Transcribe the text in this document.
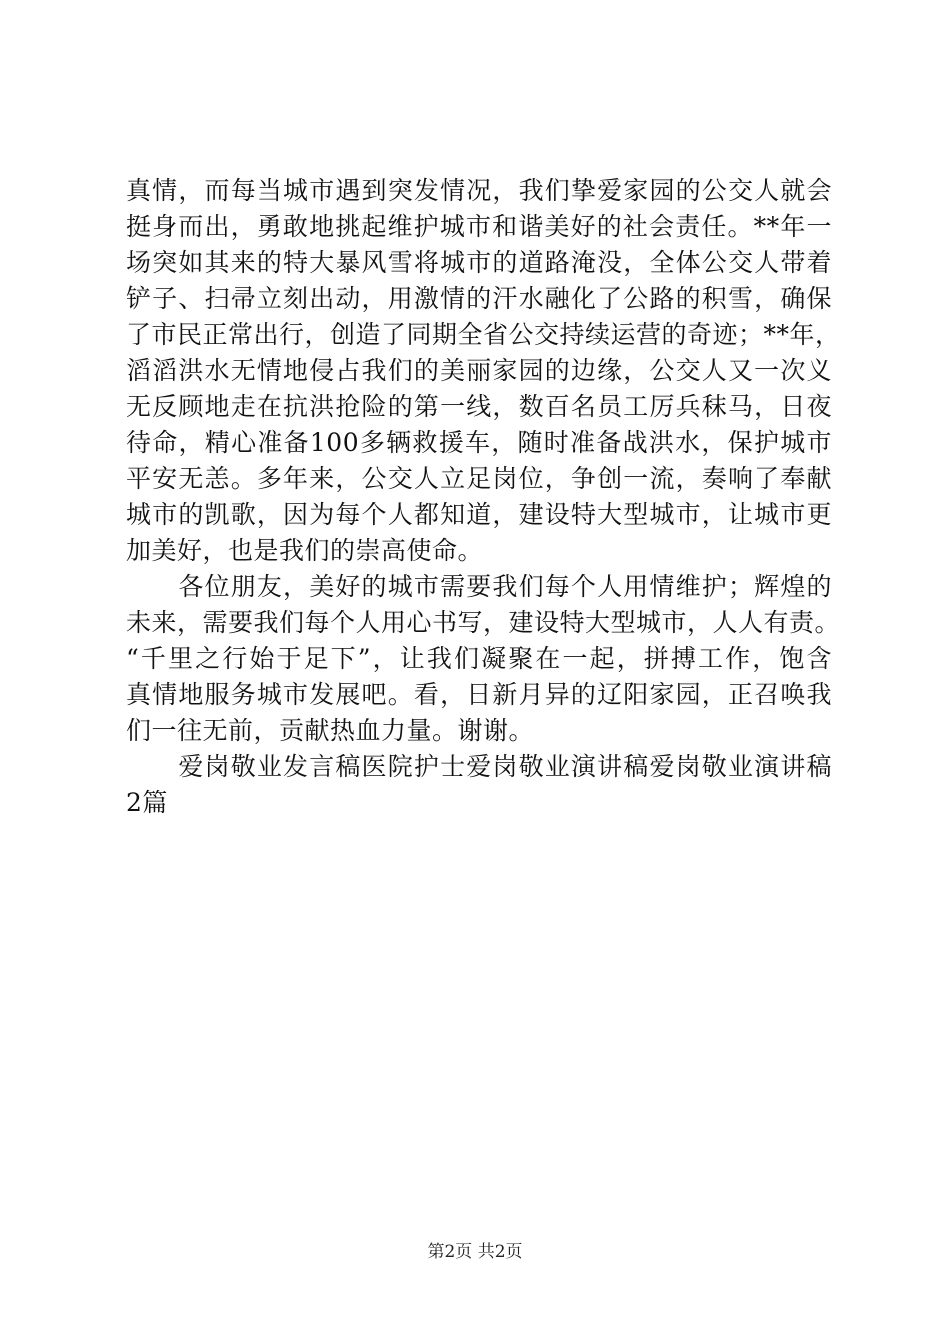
真情，而每当城市遇到突发情况，我们挚爱家园的公交人就会
挺身而出，勇敢地挑起维护城市和谐美好的社会责任。**年一
场突如其来的特大暴风雪将城市的道路淹没，全体公交人带着
铲子、扫帚立刻出动，用激情的汗水融化了公路的积雪，确保
了市民正常出行，创造了同期全省公交持续运营的奇迹；**年，
滔滔洪水无情地侵占我们的美丽家园的边缘，公交人又一次义
无反顾地走在抗洪抢险的第一线，数百名员工厉兵秣马，日夜
待命，精心准备100多辆救援车，随时准备战洪水，保护城市
平安无恙。多年来，公交人立足岗位，争创一流，奏响了奉献
城市的凯歌，因为每个人都知道，建设特大型城市，让城市更
加美好，也是我们的崇高使命。
　　各位朋友，美好的城市需要我们每个人用情维护；辉煌的
未来，需要我们每个人用心书写，建设特大型城市，人人有责。
“千里之行始于足下”，让我们凝聚在一起，拼搏工作，饱含
真情地服务城市发展吧。看，日新月异的辽阳家园，正召唤我
们一往无前，贡献热血力量。谢谢。
　　爱岗敬业发言稿医院护士爱岗敬业演讲稿爱岗敬业演讲稿
2篇
第2页 共2页
